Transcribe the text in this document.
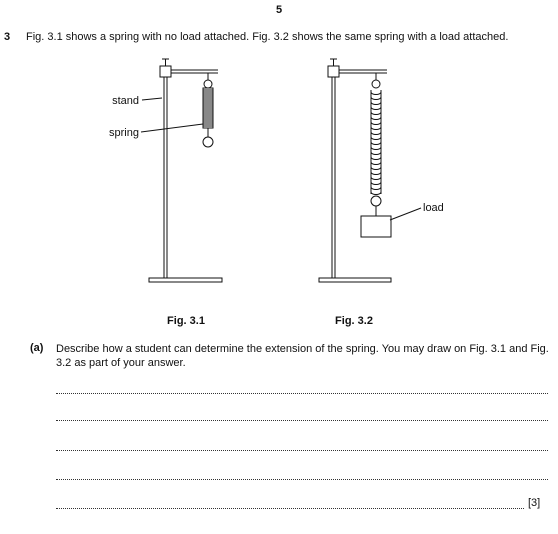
5
3 Fig. 3.1 shows a spring with no load attached. Fig. 3.2 shows the same spring with a load attached.
stand
spring
Fig. 3.1
load
Fig. 3.2
(a) Describe how a student can determine the extension of the spring. You may draw on Fig. 3.1 and Fig. 3.2 as part of your answer.
[3]
